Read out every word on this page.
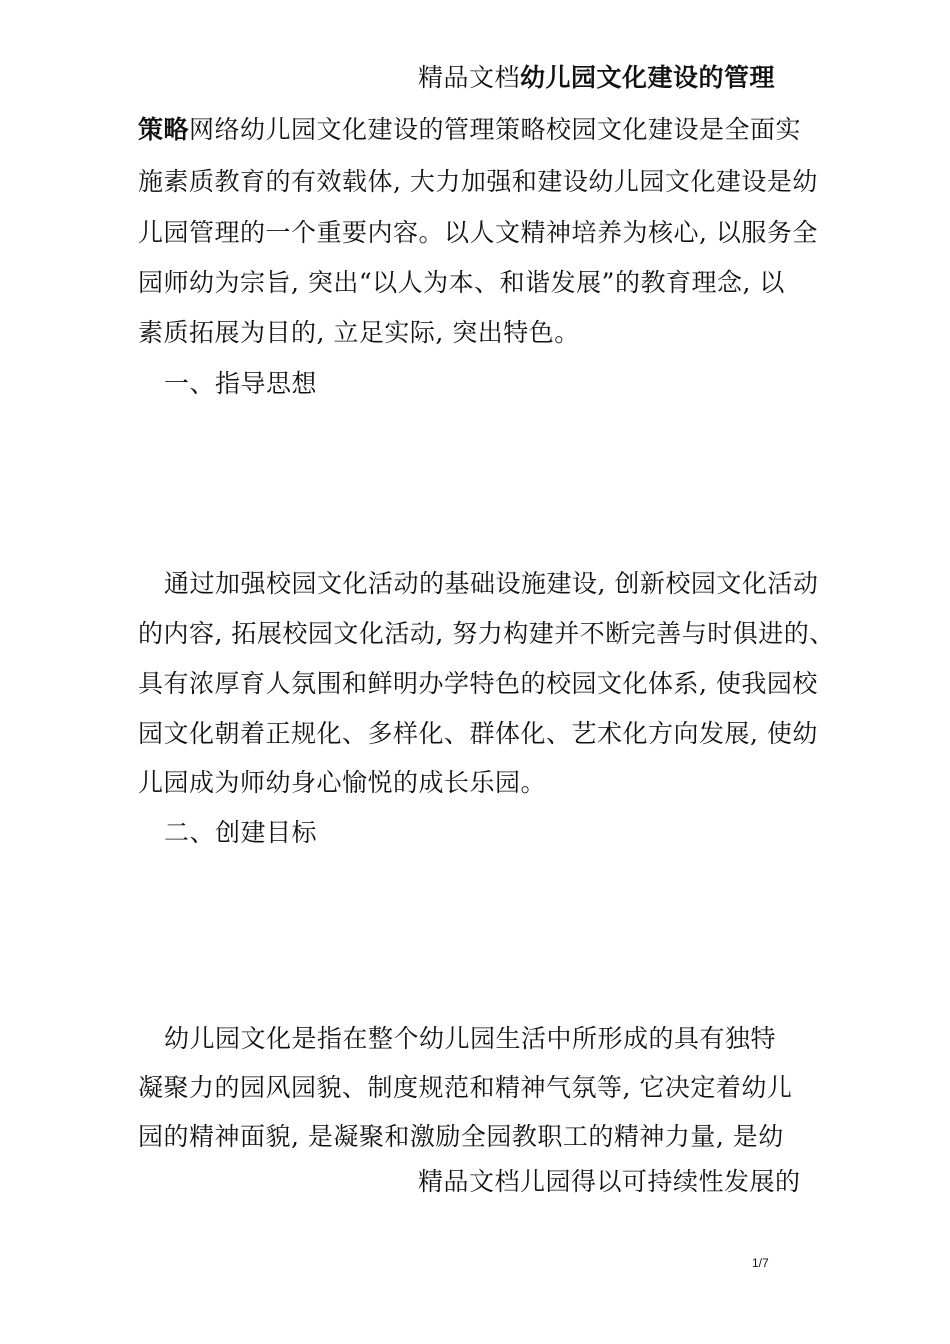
精品文档幼儿园文化建设的管理
策略网络幼儿园文化建设的管理策略校园文化建设是全面实
施素质教育的有效载体, 大力加强和建设幼儿园文化建设是幼
儿园管理的一个重要内容。以人文精神培养为核心, 以服务全
园师幼为宗旨, 突出“以人为本、和谐发展”的教育理念, 以
素质拓展为目的, 立足实际, 突出特色。
一、指导思想
通过加强校园文化活动的基础设施建设, 创新校园文化活动
的内容, 拓展校园文化活动, 努力构建并不断完善与时俱进的、
具有浓厚育人氛围和鲜明办学特色的校园文化体系, 使我园校
园文化朝着正规化、多样化、群体化、艺术化方向发展, 使幼
儿园成为师幼身心愉悦的成长乐园。
二、创建目标
幼儿园文化是指在整个幼儿园生活中所形成的具有独特
凝聚力的园风园貌、制度规范和精神气氛等, 它决定着幼儿
园的精神面貌, 是凝聚和激励全园教职工的精神力量, 是幼
精品文档儿园得以可持续性发展的
1/7
